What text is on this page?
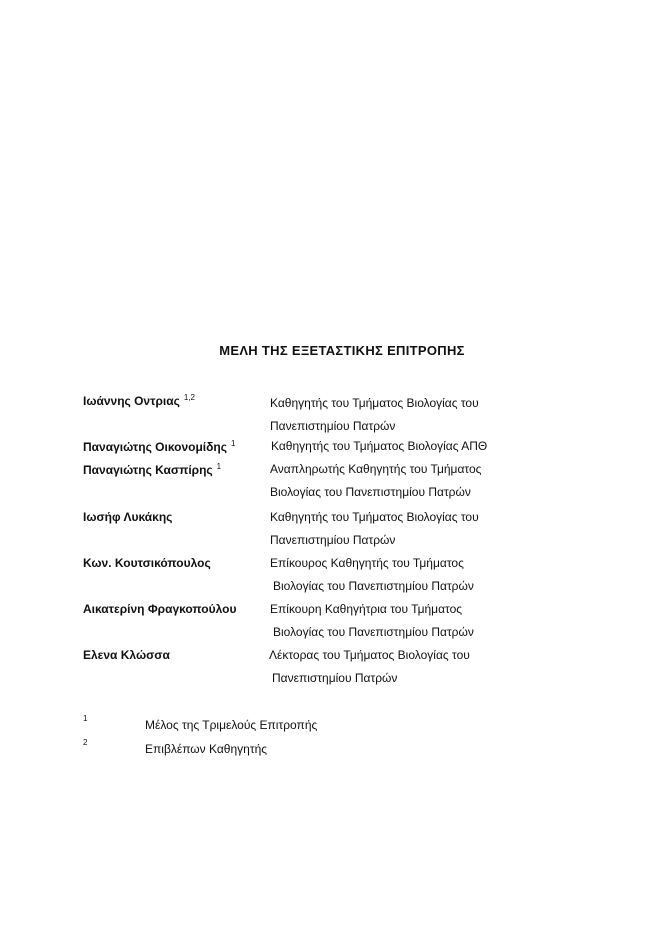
ΜΕΛΗ ΤΗΣ ΕΞΕΤΑΣΤΙΚΗΣ ΕΠΙΤΡΟΠΗΣ
Ιωάννης Οντριας $^{1,2}$	Καθηγητής του Τμήματος Βιολογίας του
Πανεπιστημίου Πατρών
Παναγιώτης Οικονομίδης $^1$	Καθηγητής του Τμήματος Βιολογίας ΑΠΘ
Παναγιώτης Κασπίρης $^1$	Αναπληρωτής Καθηγητής του Τμήματος
Βιολογίας του Πανεπιστημίου Πατρών
Ιωσήφ Λυκάκης	Καθηγητής του Τμήματος Βιολογίας του
Πανεπιστημίου Πατρών
Κων. Κουτσικόπουλος	Επίκουρος Καθηγητής του Τμήματος
Βιολογίας του Πανεπιστημίου Πατρών
Αικατερίνη Φραγκοπούλου	Επίκουρη Καθηγήτρια του Τμήματος
Βιολογίας του Πανεπιστημίου Πατρών
Ελενα Κλώσσα	Λέκτορας του Τμήματος Βιολογίας του
Πανεπιστημίου Πατρών
1	Μέλος της Τριμελούς Επιτροπής
2	Επιβλέπων Καθηγητής
